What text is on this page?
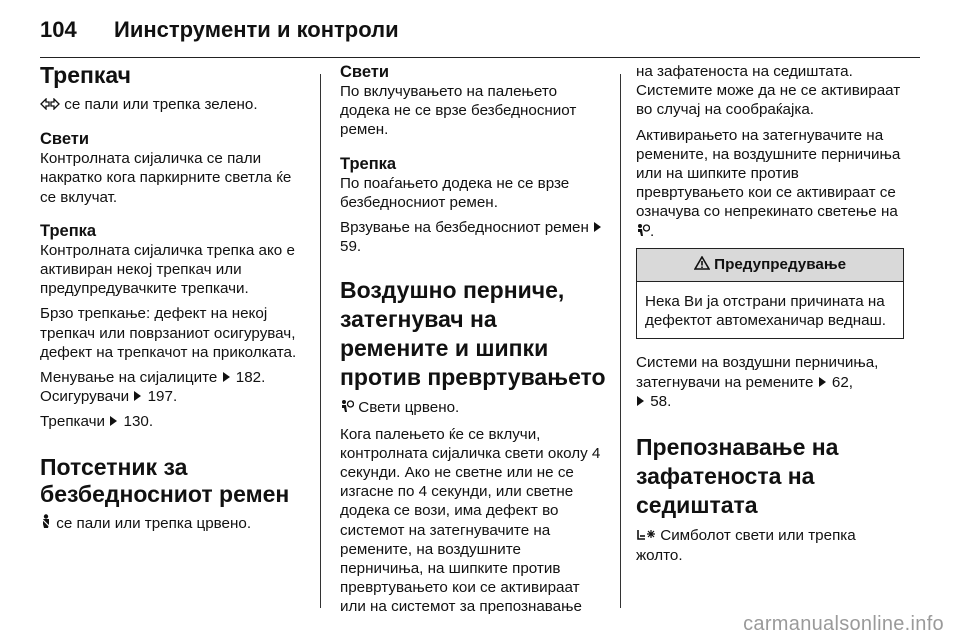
104	Иинструменти и контроли
Трепкач

се пали или трепка зелено.

Свети

Контролната сијаличка се пали накратко кога паркирните светла ќе се вклучат.

Трепка

Контролната сијаличка трепка ако е активиран некој трепкач или предупредувачките трепкачи.

Брзо трепкање: дефект на некој трепкач или поврзаниот осигурувач, дефект на трепкачот на приколката.

Менување на сијалиците 182.
Осигурувачи 197.

Трепкачи 130.

Потсетник за безбедносниот ремен

се пали или трепка црвено.

Свети

По вклучувањето на палењето додека не се врзе безбедносниот ремен.

Трепка

По поаѓањето додека не се врзе безбедносниот ремен.

Врзување на безбедносниот ремен  59.

Воздушно перниче, затегнувач на ремените и шипки против превртувањето

Свети црвено.

Кога палењето ќе се вклучи, контролната сијаличка свети околу 4 секунди. Ако не светне или не се изгасне по 4 секунди, или светне додека се вози, има дефект во системот на затегнувачите на ремените, на воздушните перничиња, на шипките против превртувањето кои се активираат или на системот за препознавање

на зафатеноста на седиштата. Системите може да не се активираат во случај на сообраќајка.

Активирањето на затегнувачите на ремените, на воздушните перничиња или на шипките против превртувањето кои се активираат се означува со непрекинато светење на .

Предупредување
Нека Ви ја отстрани причината на дефектот автомеханичар веднаш.

Системи на воздушни перничиња, затегнувачи на ремените 62,
58.

Препознавање на зафатеноста на седиштата

Симболот свети или трепка жолто.

carmanualsonline.info
